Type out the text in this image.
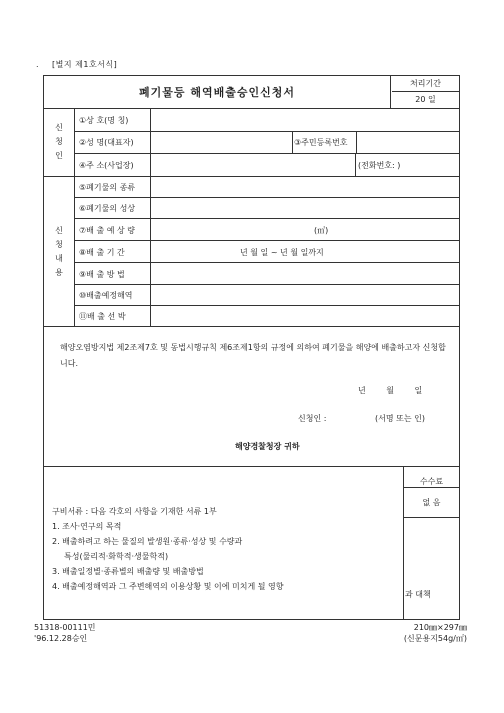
. [별지 제1호서식]
폐기물등 해역배출승인신청서
처리기간
20 일
신
청
인
①상 호(명 칭)
②성 명(대표자)	③주민등록번호
④주 소(사업장)	(전화번호: )
신
청
내
용
⑤폐기물의 종류
⑥폐기물의 성상
⑦배 출 예 상 량	(㎥)
⑧배 출 기 간	년 월 일 ~ 년 월 일까지
⑨배 출 방 법
⑩배출예정해역
⑪배 출 선 박
해양오염방지법 제2조제7호 및 동법시행규칙 제6조제1항의 규정에 의하여 폐기물을 해양에 배출하고자 신청합니다.
년 월 일
신청인 :	(서명 또는 인)
해양경찰청장 귀하
수수료
없 음
과 대책
구비서류 : 다음 각호의 사항을 기재한 서류 1부
1. 조사·연구의 목적
2. 배출하려고 하는 물질의 발생원·종류·성상 및 수량과
특성(물리적·화학적·생물학적)
3. 배출일정별·종류별의 배출량 및 배출방법
4. 배출예정해역과 그 주변해역의 이용상황 및 이에 미치게 될 영향
51318-00111민
'96.12.28승인
210㎜×297㎜
(신문용지54g/㎡)
